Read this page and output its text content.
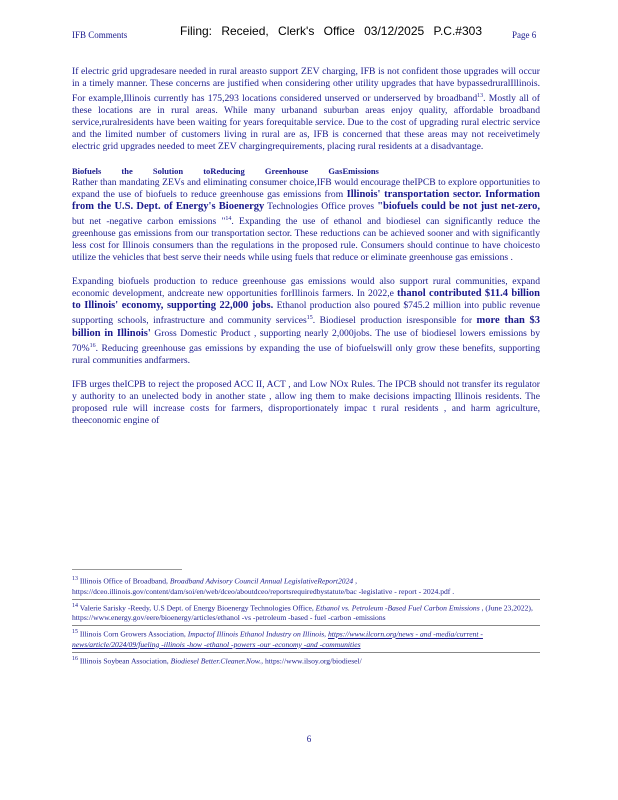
IFB Comments	Filing: Receied, Clerk's Office 03/12/2025 P.C.#303	Page 6

If electric grid upgradesare needed in rural areasto support ZEV charging, IFB is not confident those upgrades will occur in a timely manner. These concerns are justified when considering other utility upgrades that have bypassedruralIllinois. For example,Illinois currently has 175,293 locations considered unserved or underserved by broadband$^{13}$. Mostly all of these locations are in rural areas. While many urbanand suburban areas enjoy quality, affordable broadband service,ruralresidents have been waiting for years forequitable service. Due to the cost of upgrading rural electric service and the limited number of customers living in rural are as, IFB is concerned that these areas may not receivetimely electric grid upgrades needed to meet ZEV chargingrequirements, placing rural residents at a disadvantage.

Biofuels the Solution toReducing Greenhouse GasEmissions

Rather than mandating ZEVs and eliminating consumer choice,IFB would encourage theIPCB to explore opportunities to expand the use of biofuels to reduce greenhouse gas emissions from Illinois' transportation sector. Information from the U.S. Dept. of Energy's Bioenergy Technologies Office proves "biofuels could be not just net-zero, but net -negative carbon emissions "$^{14}$. Expanding the use of ethanol and biodiesel can significantly reduce the greenhouse gas emissions from our transportation sector. These reductions can be achieved sooner and with significantly less cost for Illinois consumers than the regulations in the proposed rule. Consumers should continue to have choicesto utilize the vehicles that best serve their needs while using fuels that reduce or eliminate greenhouse gas emissions .

Expanding biofuels production to reduce greenhouse gas emissions would also support rural communities, expand economic development, andcreate new opportunities forIllinois farmers. In 2022,e thanol contributed $11.4 billion to Illinois' economy, supporting 22,000 jobs. Ethanol production also poured $745.2 million into public revenue supporting schools, infrastructure and community services$^{15}$. Biodiesel production isresponsible for more than $3 billion in Illinois' Gross Domestic Product , supporting nearly 2,000jobs. The use of biodiesel lowers emissions by 70%$^{16}$. Reducing greenhouse gas emissions by expanding the use of biofuelswill only grow these benefits, supporting rural communities andfarmers.

IFB urges theICPB to reject the proposed ACC II, ACT , and Low NOx Rules. The IPCB should not transfer its regulator y authority to an unelected body in another state , allow ing them to make decisions impacting Illinois residents. The proposed rule will increase costs for farmers, disproportionately impac t rural residents , and harm agriculture, theeconomic engine of

$^{13}$ Illinois Office of Broadband, Broadband Advisory Council Annual LegislativeReport2024 , https://dceo.illinois.gov/content/dam/soi/en/web/dceo/aboutdceo/reportsrequiredbystatute/bac -legislative - report - 2024.pdf .
$^{14}$ Valerie Sarisky -Reedy, U.S Dept. of Energy Bioenergy Technologies Office, Ethanol vs. Petroleum -Based Fuel Carbon Emissions , (June 23,2022), https://www.energy.gov/eere/bioenergy/articles/ethanol -vs -petroleum -based - fuel -carbon -emissions
$^{15}$ Illinois Corn Growers Association, Impactof Illinois Ethanol Industry on Illinois, https://www.ilcorn.org/news - and -media/current -news/article/2024/09/fueling -illinois -how -ethanol -powers -our -economy -and -communities
$^{16}$ Illinois Soybean Association, Biodiesel Better.Cleaner.Now., https://www.ilsoy.org/biodiesel/
6
